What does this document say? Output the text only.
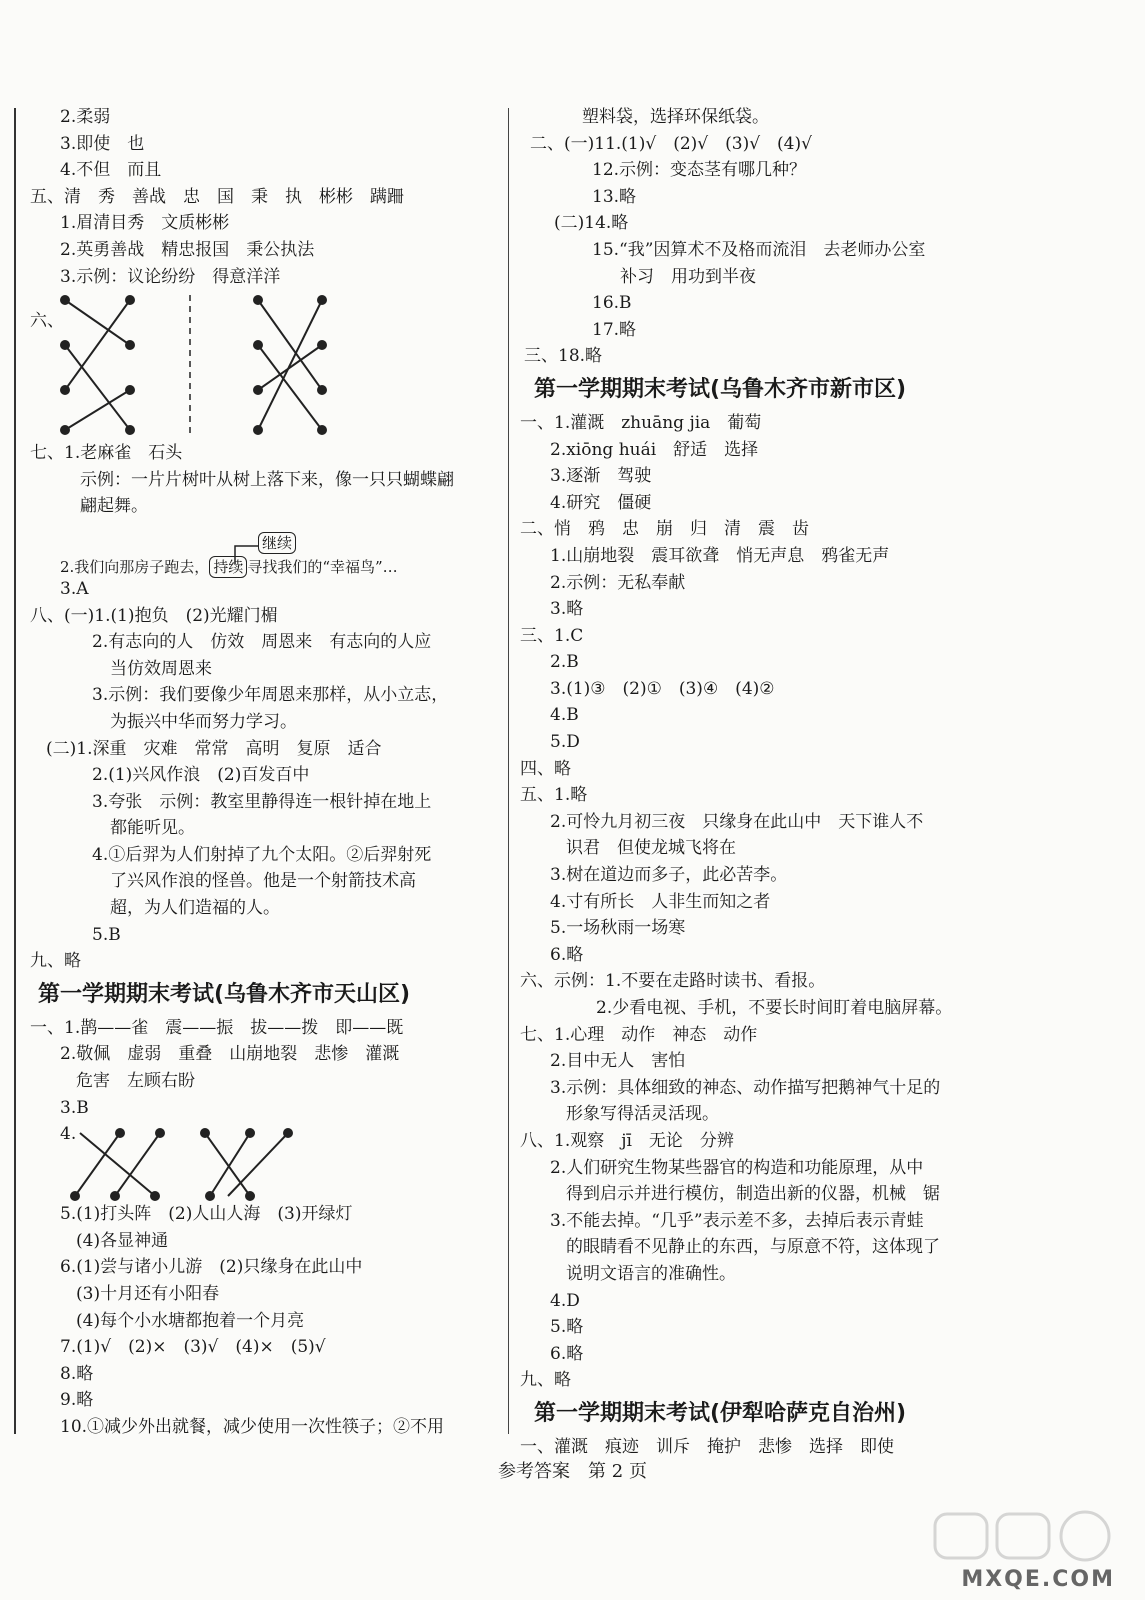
2.柔弱
3.即使　也
4.不但　而且
五、清　秀　善战　忠　国　秉　执　彬彬　蹒跚
1.眉清目秀　文质彬彬
2.英勇善战　精忠报国　秉公执法
3.示例：议论纷纷　得意洋洋
六、
七、1.老麻雀　石头
示例：一片片树叶从树上落下来，像一只只蝴蝶翩
翩起舞。
继续
2.我们向那房子跑去， 持续 寻找我们的“幸福鸟”…
3.A
八、(一)1.(1)抱负　(2)光耀门楣
2.有志向的人　仿效　周恩来　有志向的人应
当仿效周恩来
3.示例：我们要像少年周恩来那样，从小立志，
为振兴中华而努力学习。
(二)1.深重　灾难　常常　高明　复原　适合
2.(1)兴风作浪　(2)百发百中
3.夸张　示例：教室里静得连一根针掉在地上
都能听见。
4.①后羿为人们射掉了九个太阳。②后羿射死
了兴风作浪的怪兽。他是一个射箭技术高
超，为人们造福的人。
5.B
九、略
第一学期期末考试(乌鲁木齐市天山区)
一、1.鹊——雀　震——振　拔——拨　即——既
2.敬佩　虚弱　重叠　山崩地裂　悲惨　灌溉
危害　左顾右盼
3.B
4.
5.(1)打头阵　(2)人山人海　(3)开绿灯
(4)各显神通
6.(1)尝与诸小儿游　(2)只缘身在此山中
(3)十月还有小阳春
(4)每个小水塘都抱着一个月亮
7.(1)√　(2)×　(3)√　(4)×　(5)√
8.略
9.略
10.①减少外出就餐，减少使用一次性筷子；②不用
塑料袋，选择环保纸袋。
二、(一)11.(1)√　(2)√　(3)√　(4)√
12.示例：变态茎有哪几种？
13.略
(二)14.略
15.“我”因算术不及格而流泪　去老师办公室
补习　用功到半夜
16.B
17.略
三、18.略
第一学期期末考试(乌鲁木齐市新市区)
一、1.灌溉　zhuāng jia　葡萄
2.xiōng huái　舒适　选择
3.逐渐　驾驶
4.研究　僵硬
二、悄　鸦　忠　崩　归　清　震　齿
1.山崩地裂　震耳欲聋　悄无声息　鸦雀无声
2.示例：无私奉献
3.略
三、1.C
2.B
3.(1)③　(2)①　(3)④　(4)②
4.B
5.D
四、略
五、1.略
2.可怜九月初三夜　只缘身在此山中　天下谁人不
识君　但使龙城飞将在
3.树在道边而多子，此必苦李。
4.寸有所长　人非生而知之者
5.一场秋雨一场寒
6.略
六、示例：1.不要在走路时读书、看报。
2.少看电视、手机，不要长时间盯着电脑屏幕。
七、1.心理　动作　神态　动作
2.目中无人　害怕
3.示例：具体细致的神态、动作描写把鹅神气十足的
形象写得活灵活现。
八、1.观察　jī　无论　分辨
2.人们研究生物某些器官的构造和功能原理，从中
得到启示并进行模仿，制造出新的仪器，机械　锯
3.不能去掉。“几乎”表示差不多，去掉后表示青蛙
的眼睛看不见静止的东西，与原意不符，这体现了
说明文语言的准确性。
4.D
5.略
6.略
九、略
第一学期期末考试(伊犁哈萨克自治州)
一、灌溉　痕迹　训斥　掩护　悲惨　选择　即使
参考答案　第 2 页
MXQE.COM
